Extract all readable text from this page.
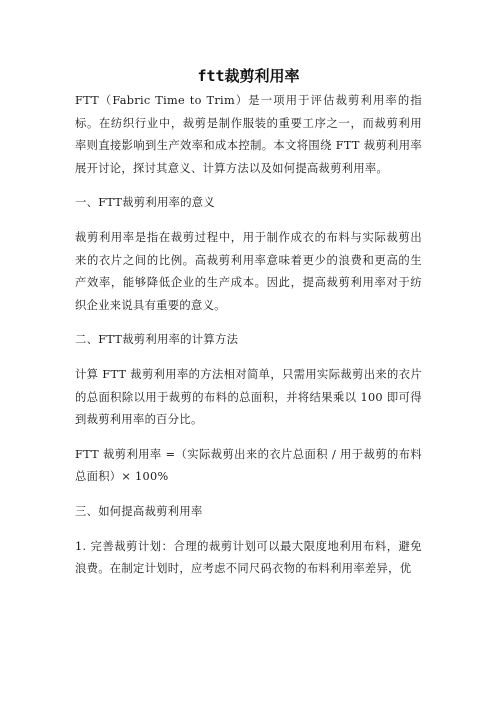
ftt裁剪利用率

FTT（Fabric Time to Trim）是一项用于评估裁剪利用率的指标。在纺织行业中，裁剪是制作服装的重要工序之一，而裁剪利用率则直接影响到生产效率和成本控制。本文将围绕 FTT 裁剪利用率展开讨论，探讨其意义、计算方法以及如何提高裁剪利用率。

一、FTT裁剪利用率的意义

裁剪利用率是指在裁剪过程中，用于制作成衣的布料与实际裁剪出来的衣片之间的比例。高裁剪利用率意味着更少的浪费和更高的生产效率，能够降低企业的生产成本。因此，提高裁剪利用率对于纺织企业来说具有重要的意义。

二、FTT裁剪利用率的计算方法

计算 FTT 裁剪利用率的方法相对简单，只需用实际裁剪出来的衣片的总面积除以用于裁剪的布料的总面积，并将结果乘以 100 即可得到裁剪利用率的百分比。

FTT 裁剪利用率 =（实际裁剪出来的衣片总面积 / 用于裁剪的布料总面积）× 100%

三、如何提高裁剪利用率

1. 完善裁剪计划：合理的裁剪计划可以最大限度地利用布料，避免浪费。在制定计划时，应考虑不同尺码衣物的布料利用率差异，优
